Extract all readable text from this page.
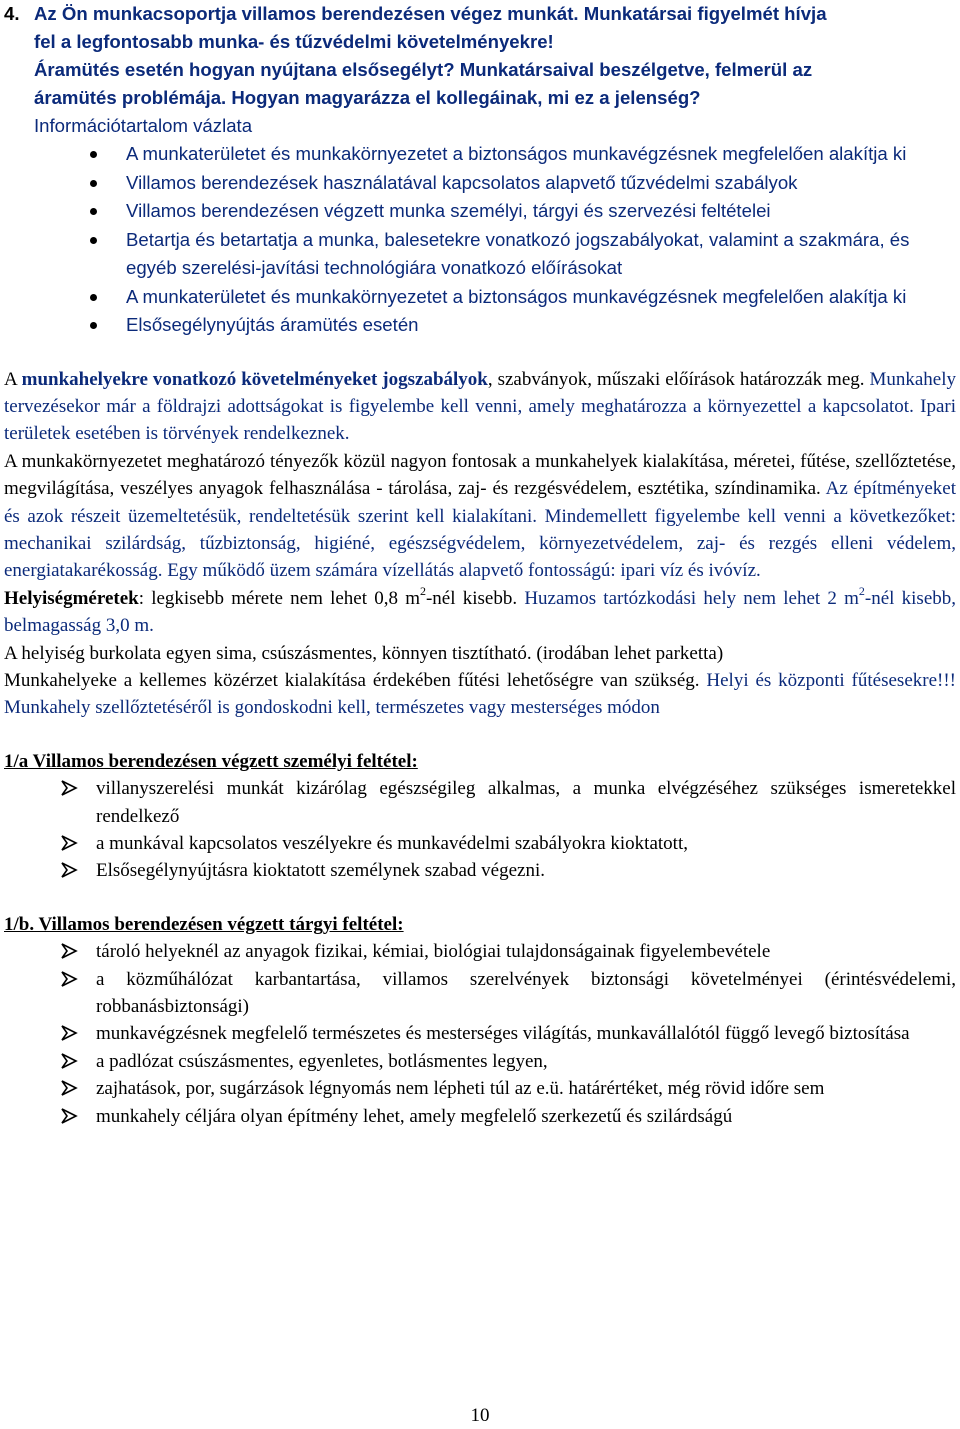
4. Az Ön munkacsoportja villamos berendezésen végez munkát. Munkatársai figyelmét hívja
fel a legfontosabb munka- és tűzvédelmi követelményekre!
Áramütés esetén hogyan nyújtana elsősegélyt? Munkatársaival beszélgetve, felmerül az
áramütés problémája. Hogyan magyarázza el kollegáinak, mi ez a jelenség?
Információtartalom vázlata
A munkaterületet és munkakörnyezetet a biztonságos munkavégzésnek megfelelően alakítja ki
Villamos berendezések használatával kapcsolatos alapvető tűzvédelmi szabályok
Villamos berendezésen végzett munka személyi, tárgyi és szervezési feltételei
Betartja és betartatja a munka, balesetekre vonatkozó jogszabályokat, valamint a szakmára, és egyéb szerelési-javítási technológiára vonatkozó előírásokat
A munkaterületet és munkakörnyezetet a biztonságos munkavégzésnek megfelelően alakítja ki
Elsősegélynyújtás áramütés esetén
A munkahelyekre vonatkozó követelményeket jogszabályok, szabványok, műszaki előírások határozzák meg. Munkahely tervezésekor már a földrajzi adottságokat is figyelembe kell venni, amely meghatározza a környezettel a kapcsolatot. Ipari területek esetében is törvények rendelkeznek.
A munkakörnyezetet meghatározó tényezők közül nagyon fontosak a munkahelyek kialakítása, méretei, fűtése, szellőztetése, megvilágítása, veszélyes anyagok felhasználása - tárolása, zaj- és rezgésvédelem, esztétika, színdinamika. Az építményeket és azok részeit üzemeltetésük, rendeltetésük szerint kell kialakítani. Mindemellett figyelembe kell venni a következőket: mechanikai szilárdság, tűzbiztonság, higiéné, egészségvédelem, környezetvédelem, zaj- és rezgés elleni védelem, energiatakarékosság. Egy működő üzem számára vízellátás alapvető fontosságú: ipari víz és ivóvíz.
Helyiségméretek: legkisebb mérete nem lehet 0,8 $m^2$-nél kisebb. Huzamos tartózkodási hely nem lehet 2 $m^2$-nél kisebb, belmagasság 3,0 m.
A helyiség burkolata egyen sima, csúszásmentes, könnyen tisztítható. (irodában lehet parketta)
Munkahelyeke a kellemes közérzet kialakítása érdekében fűtési lehetőségre van szükség. Helyi és központi fűtésesekre!!! Munkahely szellőztetéséről is gondoskodni kell, természetes vagy mesterséges módon
1/a Villamos berendezésen végzett személyi feltétel:
villanyszerelési munkát kizárólag egészségileg alkalmas, a munka elvégzéséhez szükséges ismeretekkel rendelkező
a munkával kapcsolatos veszélyekre és munkavédelmi szabályokra kioktatott,
Elsősegélynyújtásra kioktatott személynek szabad végezni.
1/b. Villamos berendezésen végzett tárgyi feltétel:
tároló helyeknél az anyagok fizikai, kémiai, biológiai tulajdonságainak figyelembevétele
a közműhálózat karbantartása, villamos szerelvények biztonsági követelményei (érintésvédelemi, robbanásbiztonsági)
munkavégzésnek megfelelő természetes és mesterséges világítás, munkavállalótól függő levegő biztosítása
a padlózat csúszásmentes, egyenletes, botlásmentes legyen,
zajhatások, por, sugárzások légnyomás nem lépheti túl az e.ü. határértéket, még rövid időre sem
munkahely céljára olyan építmény lehet, amely megfelelő szerkezetű és szilárdságú
10
